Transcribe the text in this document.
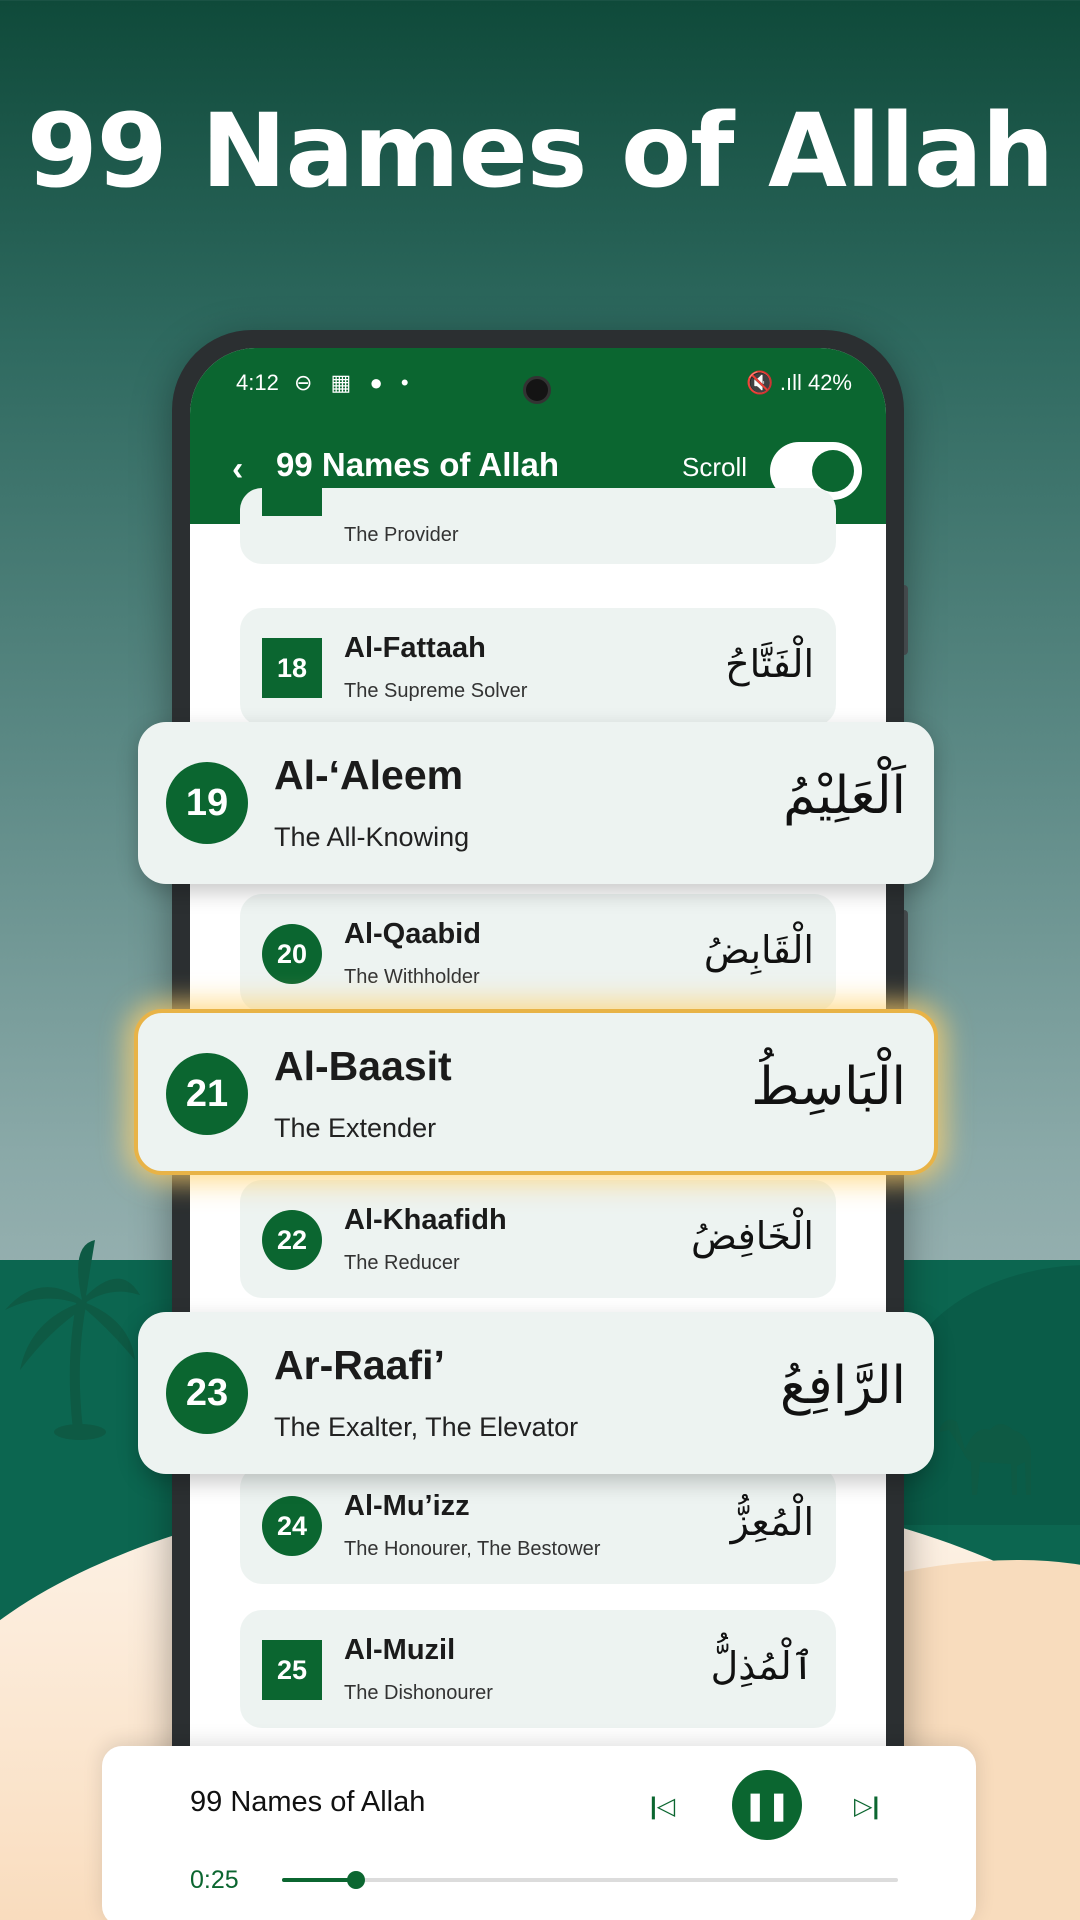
99 Names of Allah
4:12 ⊖ ▦ ● •	🔇 .ıll 42%
‹ 99 Names of Allah	Scroll
The Provider
18
Al-Fattaah
The Supreme Solver
الْفَتَّاحُ
20
Al-Qaabid
The Withholder
الْقَابِضُ
22
Al-Khaafidh
The Reducer
الْخَافِضُ
24
Al-Mu’izz
The Honourer, The Bestower
الْمُعِزُّ
25
Al-Muzil
The Dishonourer
ٱلْمُذِلُّ
19
Al-‘Aleem
The All-Knowing
اَلْعَلِيْمُ
21
Al-Baasit
The Extender
الْبَاسِطُ
23
Ar-Raafi’
The Exalter, The Elevator
الرَّافِعُ
99 Names of Allah	|◁	❚❚	▷|
0:25
